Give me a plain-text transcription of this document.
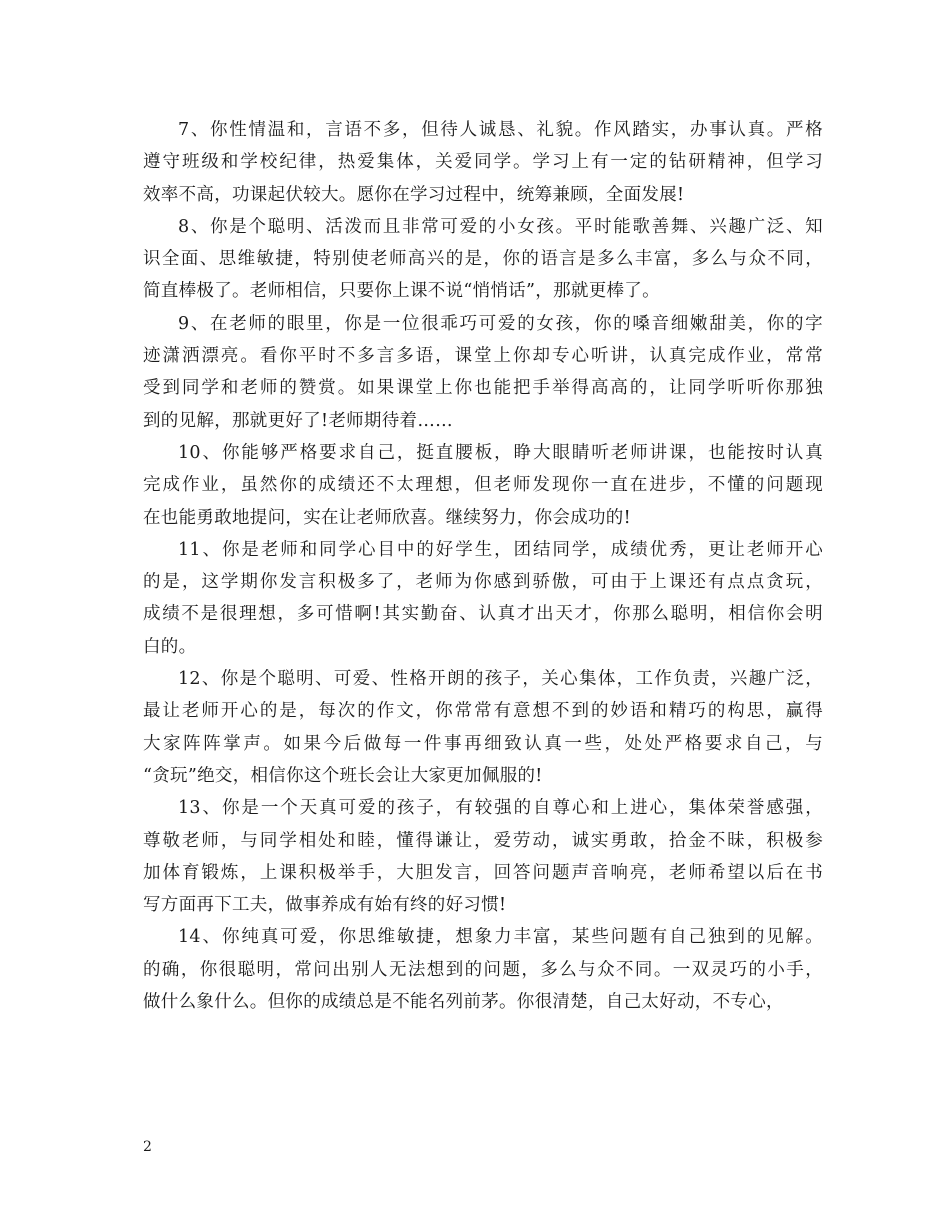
7、你性情温和，言语不多，但待人诚恳、礼貌。作风踏实，办事认真。严格
遵守班级和学校纪律，热爱集体，关爱同学。学习上有一定的钻研精神，但学习
效率不高，功课起伏较大。愿你在学习过程中，统筹兼顾，全面发展!
8、你是个聪明、活泼而且非常可爱的小女孩。平时能歌善舞、兴趣广泛、知
识全面、思维敏捷，特别使老师高兴的是，你的语言是多么丰富，多么与众不同，
简直棒极了。老师相信，只要你上课不说“悄悄话”，那就更棒了。
9、在老师的眼里，你是一位很乖巧可爱的女孩，你的嗓音细嫩甜美，你的字
迹潇洒漂亮。看你平时不多言多语，课堂上你却专心听讲，认真完成作业，常常
受到同学和老师的赞赏。如果课堂上你也能把手举得高高的，让同学听听你那独
到的见解，那就更好了!老师期待着……
10、你能够严格要求自己，挺直腰板，睁大眼睛听老师讲课，也能按时认真
完成作业，虽然你的成绩还不太理想，但老师发现你一直在进步，不懂的问题现
在也能勇敢地提问，实在让老师欣喜。继续努力，你会成功的!
11、你是老师和同学心目中的好学生，团结同学，成绩优秀，更让老师开心
的是，这学期你发言积极多了，老师为你感到骄傲，可由于上课还有点点贪玩，
成绩不是很理想，多可惜啊!其实勤奋、认真才出天才，你那么聪明，相信你会明
白的。
12、你是个聪明、可爱、性格开朗的孩子，关心集体，工作负责，兴趣广泛，
最让老师开心的是，每次的作文，你常常有意想不到的妙语和精巧的构思，赢得
大家阵阵掌声。如果今后做每一件事再细致认真一些，处处严格要求自己，与
“贪玩”绝交，相信你这个班长会让大家更加佩服的!
13、你是一个天真可爱的孩子，有较强的自尊心和上进心，集体荣誉感强，
尊敬老师，与同学相处和睦，懂得谦让，爱劳动，诚实勇敢，拾金不昧，积极参
加体育锻炼，上课积极举手，大胆发言，回答问题声音响亮，老师希望以后在书
写方面再下工夫，做事养成有始有终的好习惯!
14、你纯真可爱，你思维敏捷，想象力丰富，某些问题有自己独到的见解。
的确，你很聪明，常问出别人无法想到的问题，多么与众不同。一双灵巧的小手，
做什么象什么。但你的成绩总是不能名列前茅。你很清楚，自己太好动，不专心，
2
